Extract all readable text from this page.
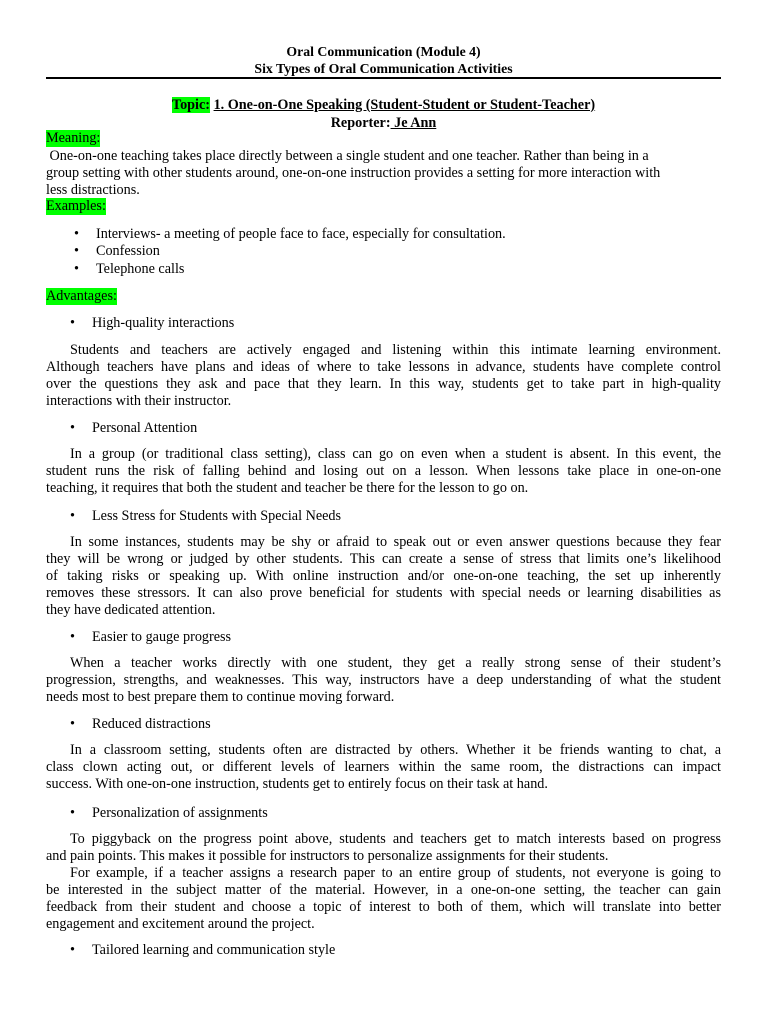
Oral Communication (Module 4)
Six Types of Oral Communication Activities
Topic: 1. One-on-One Speaking (Student-Student or Student-Teacher)
Reporter: Je Ann
Meaning:
One-on-one teaching takes place directly between a single student and one teacher. Rather than being in a
group setting with other students around, one-on-one instruction provides a setting for more interaction with
less distractions.
Examples:
• Interviews- a meeting of people face to face, especially for consultation.
• Confession
• Telephone calls
Advantages:
• High-quality interactions
Students and teachers are actively engaged and listening within this intimate learning environment.
Although teachers have plans and ideas of where to take lessons in advance, students have complete control
over the questions they ask and pace that they learn. In this way, students get to take part in high-quality
interactions with their instructor.
• Personal Attention
In a group (or traditional class setting), class can go on even when a student is absent. In this event, the
student runs the risk of falling behind and losing out on a lesson. When lessons take place in one-on-one
teaching, it requires that both the student and teacher be there for the lesson to go on.
• Less Stress for Students with Special Needs
In some instances, students may be shy or afraid to speak out or even answer questions because they fear
they will be wrong or judged by other students. This can create a sense of stress that limits one’s likelihood
of taking risks or speaking up. With online instruction and/or one-on-one teaching, the set up inherently
removes these stressors. It can also prove beneficial for students with special needs or learning disabilities as
they have dedicated attention.
• Easier to gauge progress
When a teacher works directly with one student, they get a really strong sense of their student’s
progression, strengths, and weaknesses. This way, instructors have a deep understanding of what the student
needs most to best prepare them to continue moving forward.
• Reduced distractions
In a classroom setting, students often are distracted by others. Whether it be friends wanting to chat, a
class clown acting out, or different levels of learners within the same room, the distractions can impact
success. With one-on-one instruction, students get to entirely focus on their task at hand.
• Personalization of assignments
To piggyback on the progress point above, students and teachers get to match interests based on progress
and pain points. This makes it possible for instructors to personalize assignments for their students.
For example, if a teacher assigns a research paper to an entire group of students, not everyone is going to
be interested in the subject matter of the material. However, in a one-on-one setting, the teacher can gain
feedback from their student and choose a topic of interest to both of them, which will translate into better
engagement and excitement around the project.
• Tailored learning and communication style
